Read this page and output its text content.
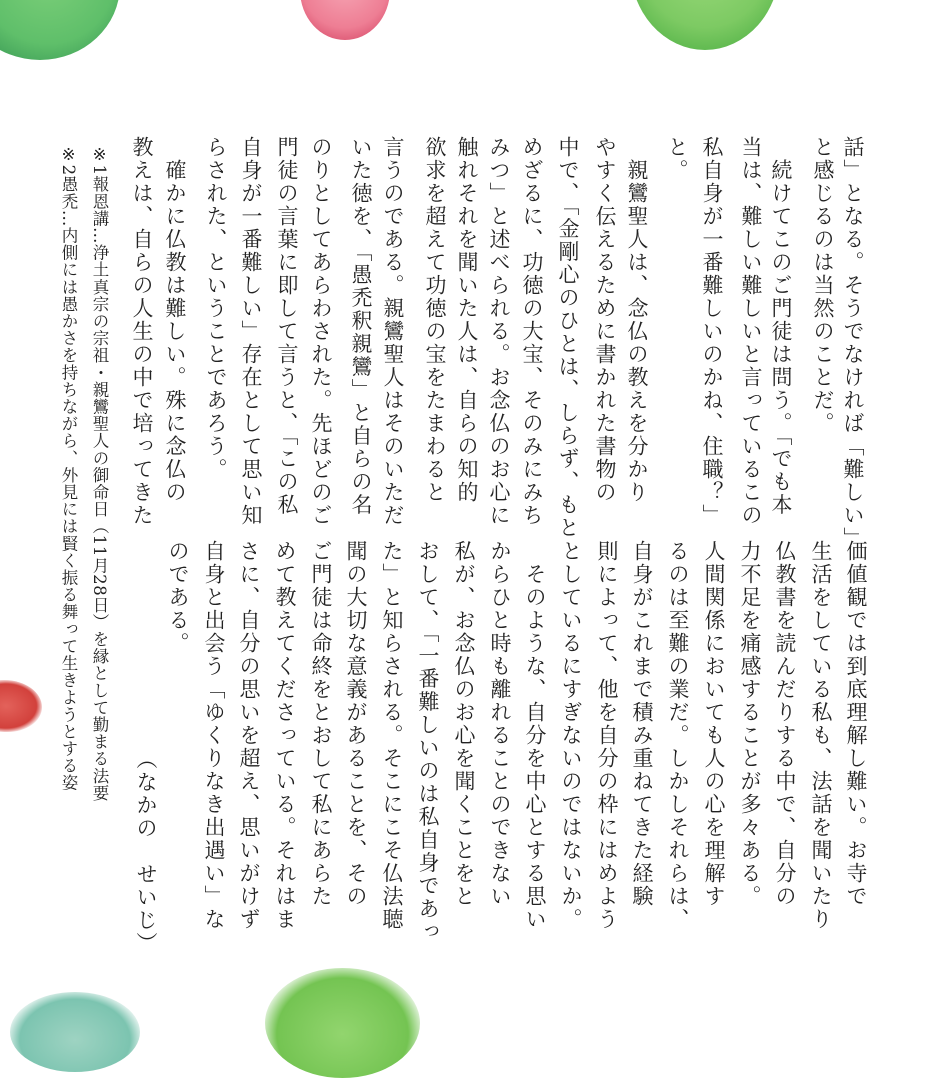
話」となる。そうでなければ「難しい」

と感じるのは当然のことだ。

　続けてこのご門徒は問う。「でも本

当は、難しい難しいと言っているこの

私自身が一番難しいのかね、住職？」

と。

　親鸞聖人は、念仏の教えを分かり

やすく伝えるために書かれた書物の

中で、「金剛心のひとは、しらず、もと

めざるに、功徳の大宝、そのみにみち

みつ」と述べられる。お念仏のお心に

触れそれを聞いた人は、自らの知的

欲求を超えて功徳の宝をたまわると

言うのである。親鸞聖人はそのいただ

いた徳を、「愚禿釈親鸞」と自らの名

のりとしてあらわされた。先ほどのご

門徒の言葉に即して言うと、「この私

自身が一番難しい」存在として思い知

らされた、ということであろう。

　確かに仏教は難しい。殊に念仏の

教えは、自らの人生の中で培ってきた

※1報恩講…浄土真宗の宗祖・親鸞聖人の御命日（11月28日）を縁として勤まる法要

※2愚禿…内側には愚かさを持ちながら、外見には賢く振る舞って生きようとする姿	価値観では到底理解し難い。お寺で

生活をしている私も、法話を聞いたり

仏教書を読んだりする中で、自分の

力不足を痛感することが多々ある。

人間関係においても人の心を理解す

るのは至難の業だ。しかしそれらは、

自身がこれまで積み重ねてきた経験

則によって、他を自分の枠にはめよう

としているにすぎないのではないか。

　そのような、自分を中心とする思い

からひと時も離れることのできない

私が、お念仏のお心を聞くことをと

おして、「一番難しいのは私自身であっ

た」と知らされる。そこにこそ仏法聴

聞の大切な意義があることを、その

ご門徒は命終をとおして私にあらた

めて教えてくださっている。それはま

さに、自分の思いを超え、思いがけず

自身と出会う「ゆくりなき出遇い」な

のである。

（なかの　せいじ）
